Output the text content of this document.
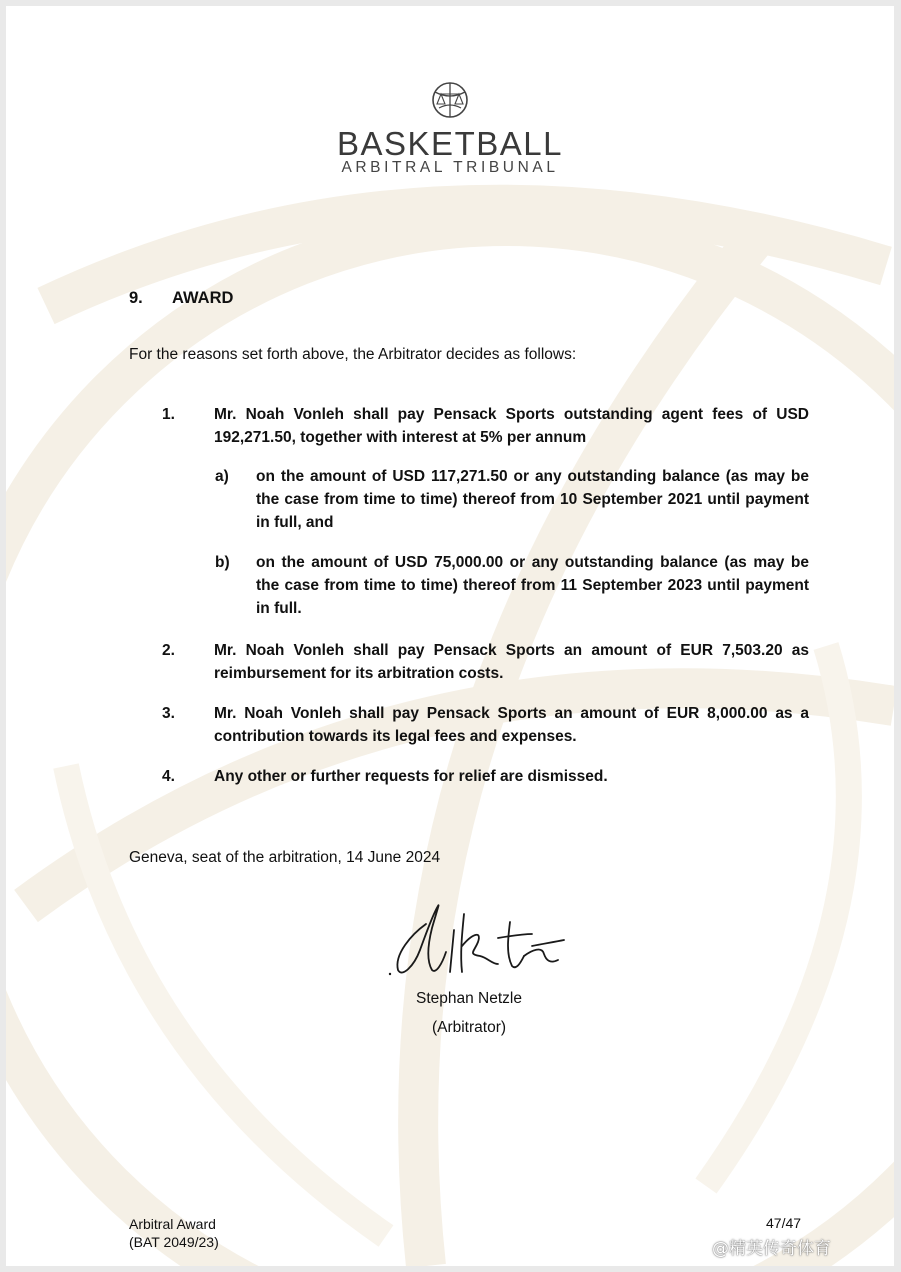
BASKETBALL
ARBITRAL TRIBUNAL
9. AWARD
For the reasons set forth above, the Arbitrator decides as follows:
1.	Mr. Noah Vonleh shall pay Pensack Sports outstanding agent fees of USD 192,271.50, together with interest at 5% per annum
a) on the amount of USD 117,271.50 or any outstanding balance (as may be the case from time to time) thereof from 10 September 2021 until payment in full, and
b) on the amount of USD 75,000.00 or any outstanding balance (as may be the case from time to time) thereof from 11 September 2023 until payment in full.
2.	Mr. Noah Vonleh shall pay Pensack Sports an amount of EUR 7,503.20 as reimbursement for its arbitration costs.
3.	Mr. Noah Vonleh shall pay Pensack Sports an amount of EUR 8,000.00 as a contribution towards its legal fees and expenses.
4.	Any other or further requests for relief are dismissed.
Geneva, seat of the arbitration, 14 June 2024
Stephan Netzle
(Arbitrator)
Arbitral Award
(BAT 2049/23)
47/47
@精英传奇体育
